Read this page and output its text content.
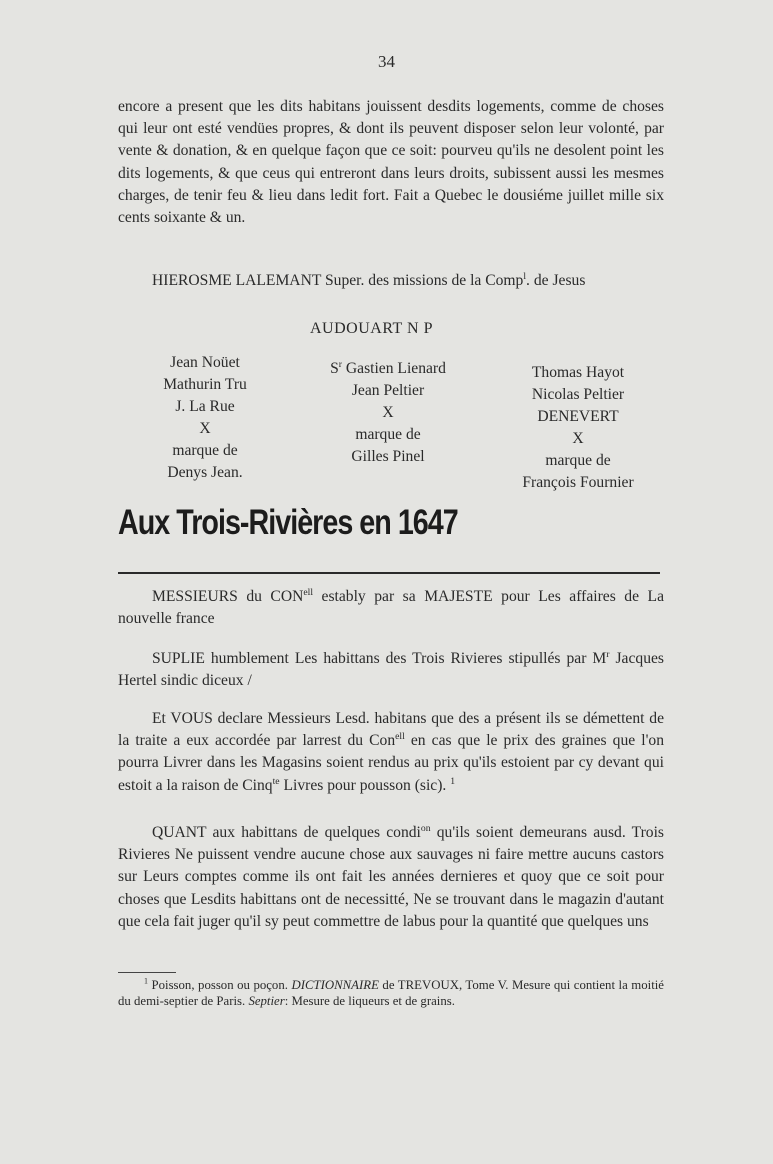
34

encore a present que les dits habitans jouissent desdits logements, comme de choses qui leur ont esté vendües propres, & dont ils peuvent disposer selon leur volonté, par vente & donation, & en quelque façon que ce soit: pourveu qu'ils ne desolent point les dits logements, & que ceus qui entreront dans leurs droits, subissent aussi les mesmes charges, de tenir feu & lieu dans ledit fort. Fait a Quebec le dousiéme juillet mille six cents soixante & un.

HIEROSME LALEMANT Super. des missions de la Comp$^l$. de Jesus

AUDOUART N P
Jean Noüet
Mathurin Tru
J. La Rue
X
marque de
Denys Jean.
$S^r$ Gastien Lienard
Jean Peltier
X
marque de
Gilles Pinel
Thomas Hayot
Nicolas Peltier
DENEVERT
X
marque de
François Fournier
Aux Trois-Rivières en 1647

MESSIEURS du $CON^{ell}$ estably par sa MAJESTE pour Les affaires de La nouvelle france

SUPLIE humblement Les habittans des Trois Rivieres stipullés par $M^r$ Jacques Hertel sindic diceux /

Et VOUS declare Messieurs Lesd. habitans que des a présent ils se démettent de la traite a eux accordée par larrest du Con$^{ell}$ en cas que le prix des graines que l'on pourra Livrer dans les Magasins soient rendus au prix qu'ils estoient par cy devant qui estoit a la raison de Cinq$^{te}$ Livres pour pousson (sic). $^1$

QUANT aux habittans de quelques condi$^{on}$ qu'ils soient demeurans ausd. Trois Rivieres Ne puissent vendre aucune chose aux sauvages ni faire mettre aucuns castors sur Leurs comptes comme ils ont fait les années dernieres et quoy que ce soit pour choses que Lesdits habittans ont de necessitté, Ne se trouvant dans le magazin d'autant que cela fait juger qu'il sy peut commettre de labus pour la quantité que quelques uns

$^1$ Poisson, posson ou poçon. DICTIONNAIRE de TREVOUX, Tome V. Mesure qui contient la moitié du demi-septier de Paris. Septier: Mesure de liqueurs et de grains.
